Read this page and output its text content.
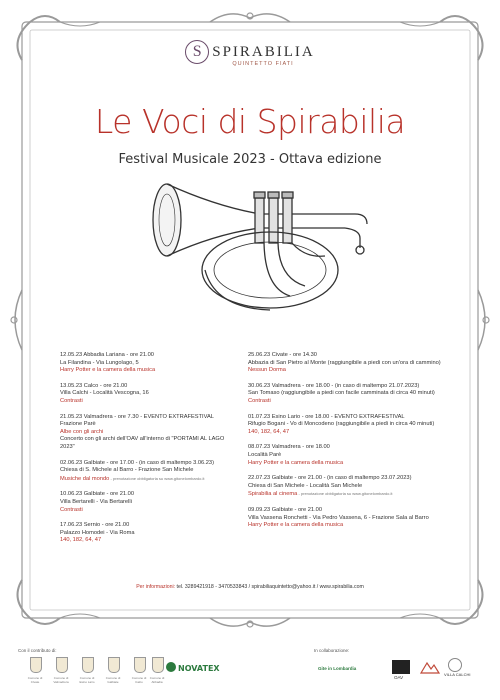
S SPIRABILIA
QUINTETTO FIATI
Le Voci di Spirabilia
Festival Musicale 2023 - Ottava edizione
12.05.23 Abbadia Lariana - ore 21.00
La Filandina - Via Lungolago, 5
Harry Potter e la camera della musica
13.05.23 Calco - ore 21.00
Villa Calchi - Località Vescogna, 16
Contrasti
21.05.23 Valmadrera - ore 7.30 - EVENTO EXTRAFESTIVAL
Frazione Parè
Albe con gli archi
Concerto con gli archi dell'OAV all'interno di "PORTAMI AL LAGO 2023"
02.06.23 Galbiate - ore 17.00 - (in caso di maltempo 3.06.23)
Chiesa di S. Michele al Barro - Frazione San Michele
Musiche dal mondo - prenotazione obbligatoria su www.gitonelombardo.it
10.06.23 Galbiate - ore 21.00
Villa Bertarelli - Via Bertarelli
Contrasti
17.06.23 Sernio - ore 21.00
Palazzo Homodei - Via Roma
140, 182, 64, 47
25.06.23 Civate - ore 14.30
Abbazia di San Pietro al Monte (raggiungibile a piedi con un'ora di cammino)
Nessun Dorma
30.06.23 Valmadrera - ore 18.00 - (in caso di maltempo 21.07.2023)
San Tomaso (raggiungibile a piedi con facile camminata di circa 40 minuti)
Contrasti
01.07.23 Esino Lario - ore 18.00 - EVENTO EXTRAFESTIVAL
Rifugio Bogani - Vo di Moncodeno (raggiungibile a piedi in circa 40 minuti)
140, 182, 64, 47
08.07.23 Valmadrera - ore 18.00
Località Parè
Harry Potter e la camera della musica
22.07.23 Galbiate - ore 21.00 - (in caso di maltempo 23.07.2023)
Chiesa di San Michele - Località San Michele
Spirabilia al cinema - prenotazione obbligatoria su www.gitonelombardo.it
09.09.23 Galbiate - ore 21.00
Villa Vassena Ronchetti - Via Pedro Vassena, 6 - Frazione Sala al Barro
Harry Potter e la camera della musica
Per informazioni: tel. 3289421918 - 3470533843 / spirabiliaquintetto@yahoo.it / www.spirabilia.com
Con il contributo di:
Comune di Civate
Comune di Valmadrera
Comune di Esino Lario
Comune di Galbiate
Comune di Calco
Comune di Abbadia
NOVATEX
In collaborazione:
Gite in Lombardia
OAV
VILLA CALCHI
